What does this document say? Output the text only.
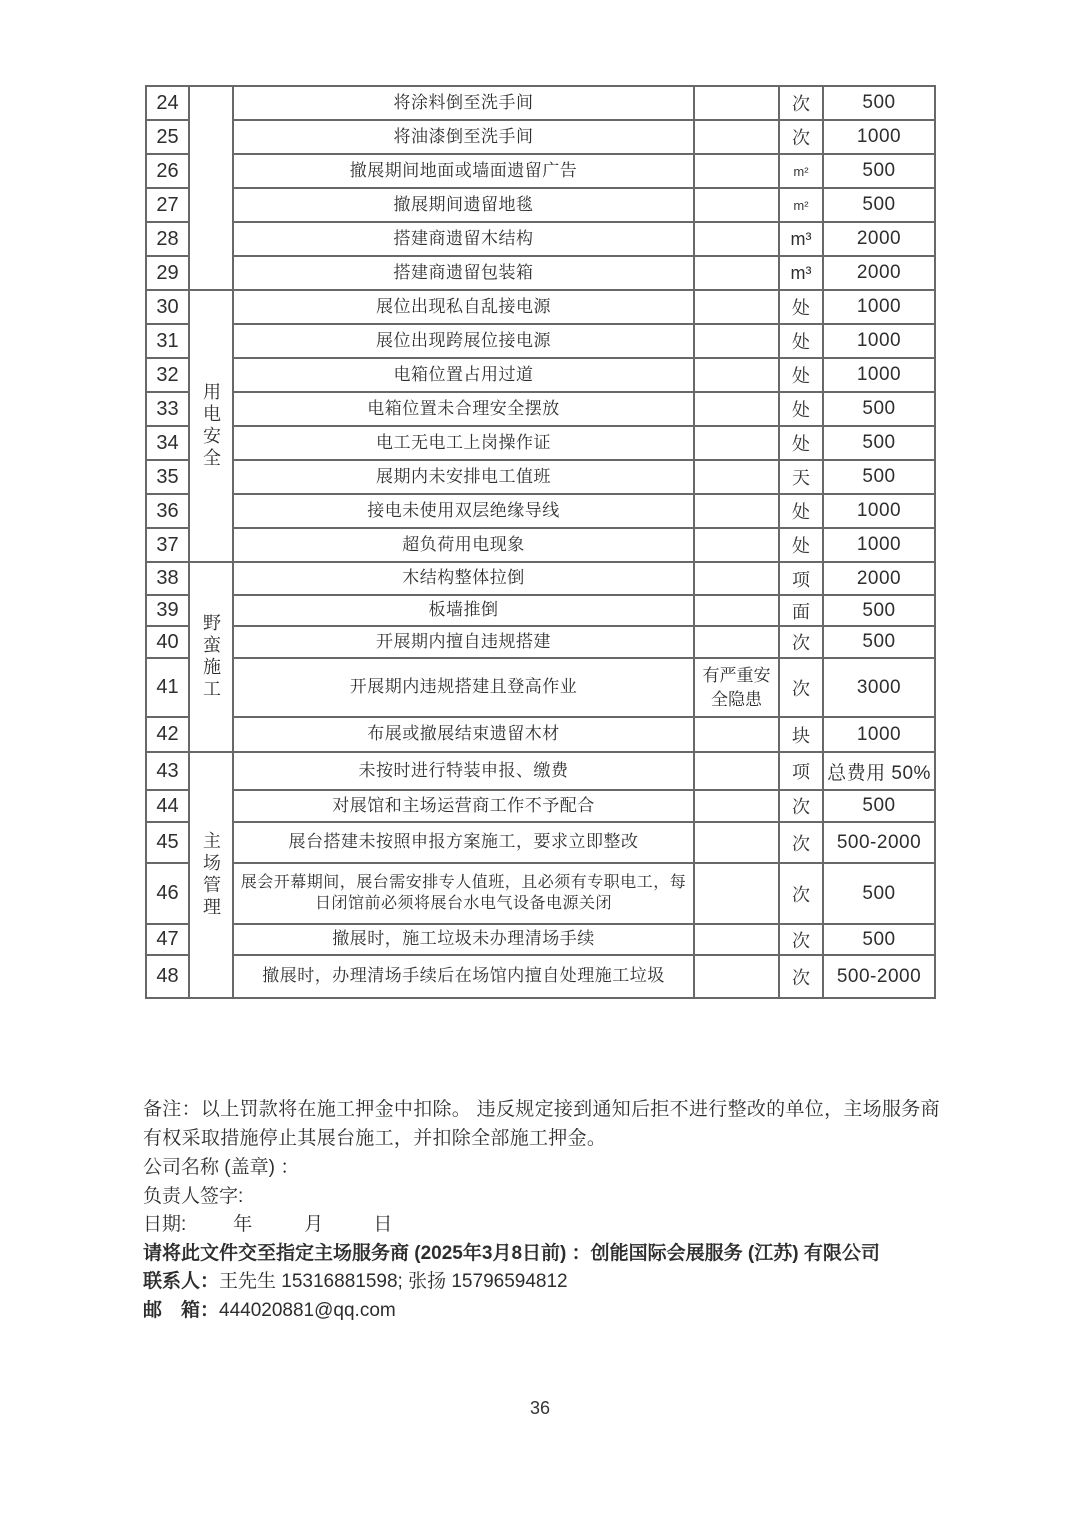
24		将涂料倒至洗手间		次	500
25		将油漆倒至洗手间		次	1000
26		撤展期间地面或墙面遗留广告		m²	500
27		撤展期间遗留地毯		m²	500
28		搭建商遗留木结构		m³	2000
29		搭建商遗留包装箱		m³	2000
30	用电安全	展位出现私自乱接电源		处	1000
31		展位出现跨展位接电源		处	1000
32		电箱位置占用过道		处	1000
33		电箱位置未合理安全摆放		处	500
34		电工无电工上岗操作证		处	500
35		展期内未安排电工值班		天	500
36		接电未使用双层绝缘导线		处	1000
37		超负荷用电现象		处	1000
38	野蛮施工	木结构整体拉倒		项	2000
39		板墙推倒		面	500
40		开展期内擅自违规搭建		次	500
41		开展期内违规搭建且登高作业	有严重安全隐患	次	3000
42		布展或撤展结束遗留木材		块	1000
43	主场管理	未按时进行特装申报、缴费		项	总费用 50%
44		对展馆和主场运营商工作不予配合		次	500
45		展台搭建未按照申报方案施工，要求立即整改		次	500-2000
46		展会开幕期间，展台需安排专人值班，且必须有专职电工，每日闭馆前必须将展台水电气设备电源关闭		次	500
47		撤展时，施工垃圾未办理清场手续		次	500
48		撤展时，办理清场手续后在场馆内擅自处理施工垃圾		次	500-2000

备注：以上罚款将在施工押金中扣除。 违反规定接到通知后拒不进行整改的单位，主场服务商有权采取措施停止其展台施工，并扣除全部施工押金。

公司名称 (盖章) ：

负责人签字:

日期: 年	月	日

请将此文件交至指定主场服务商 (2025年3月8日前) ：创能国际会展服务 (江苏) 有限公司

联系人：王先生 15316881598; 张扬 15796594812

邮　箱：444020881@qq.com

36
